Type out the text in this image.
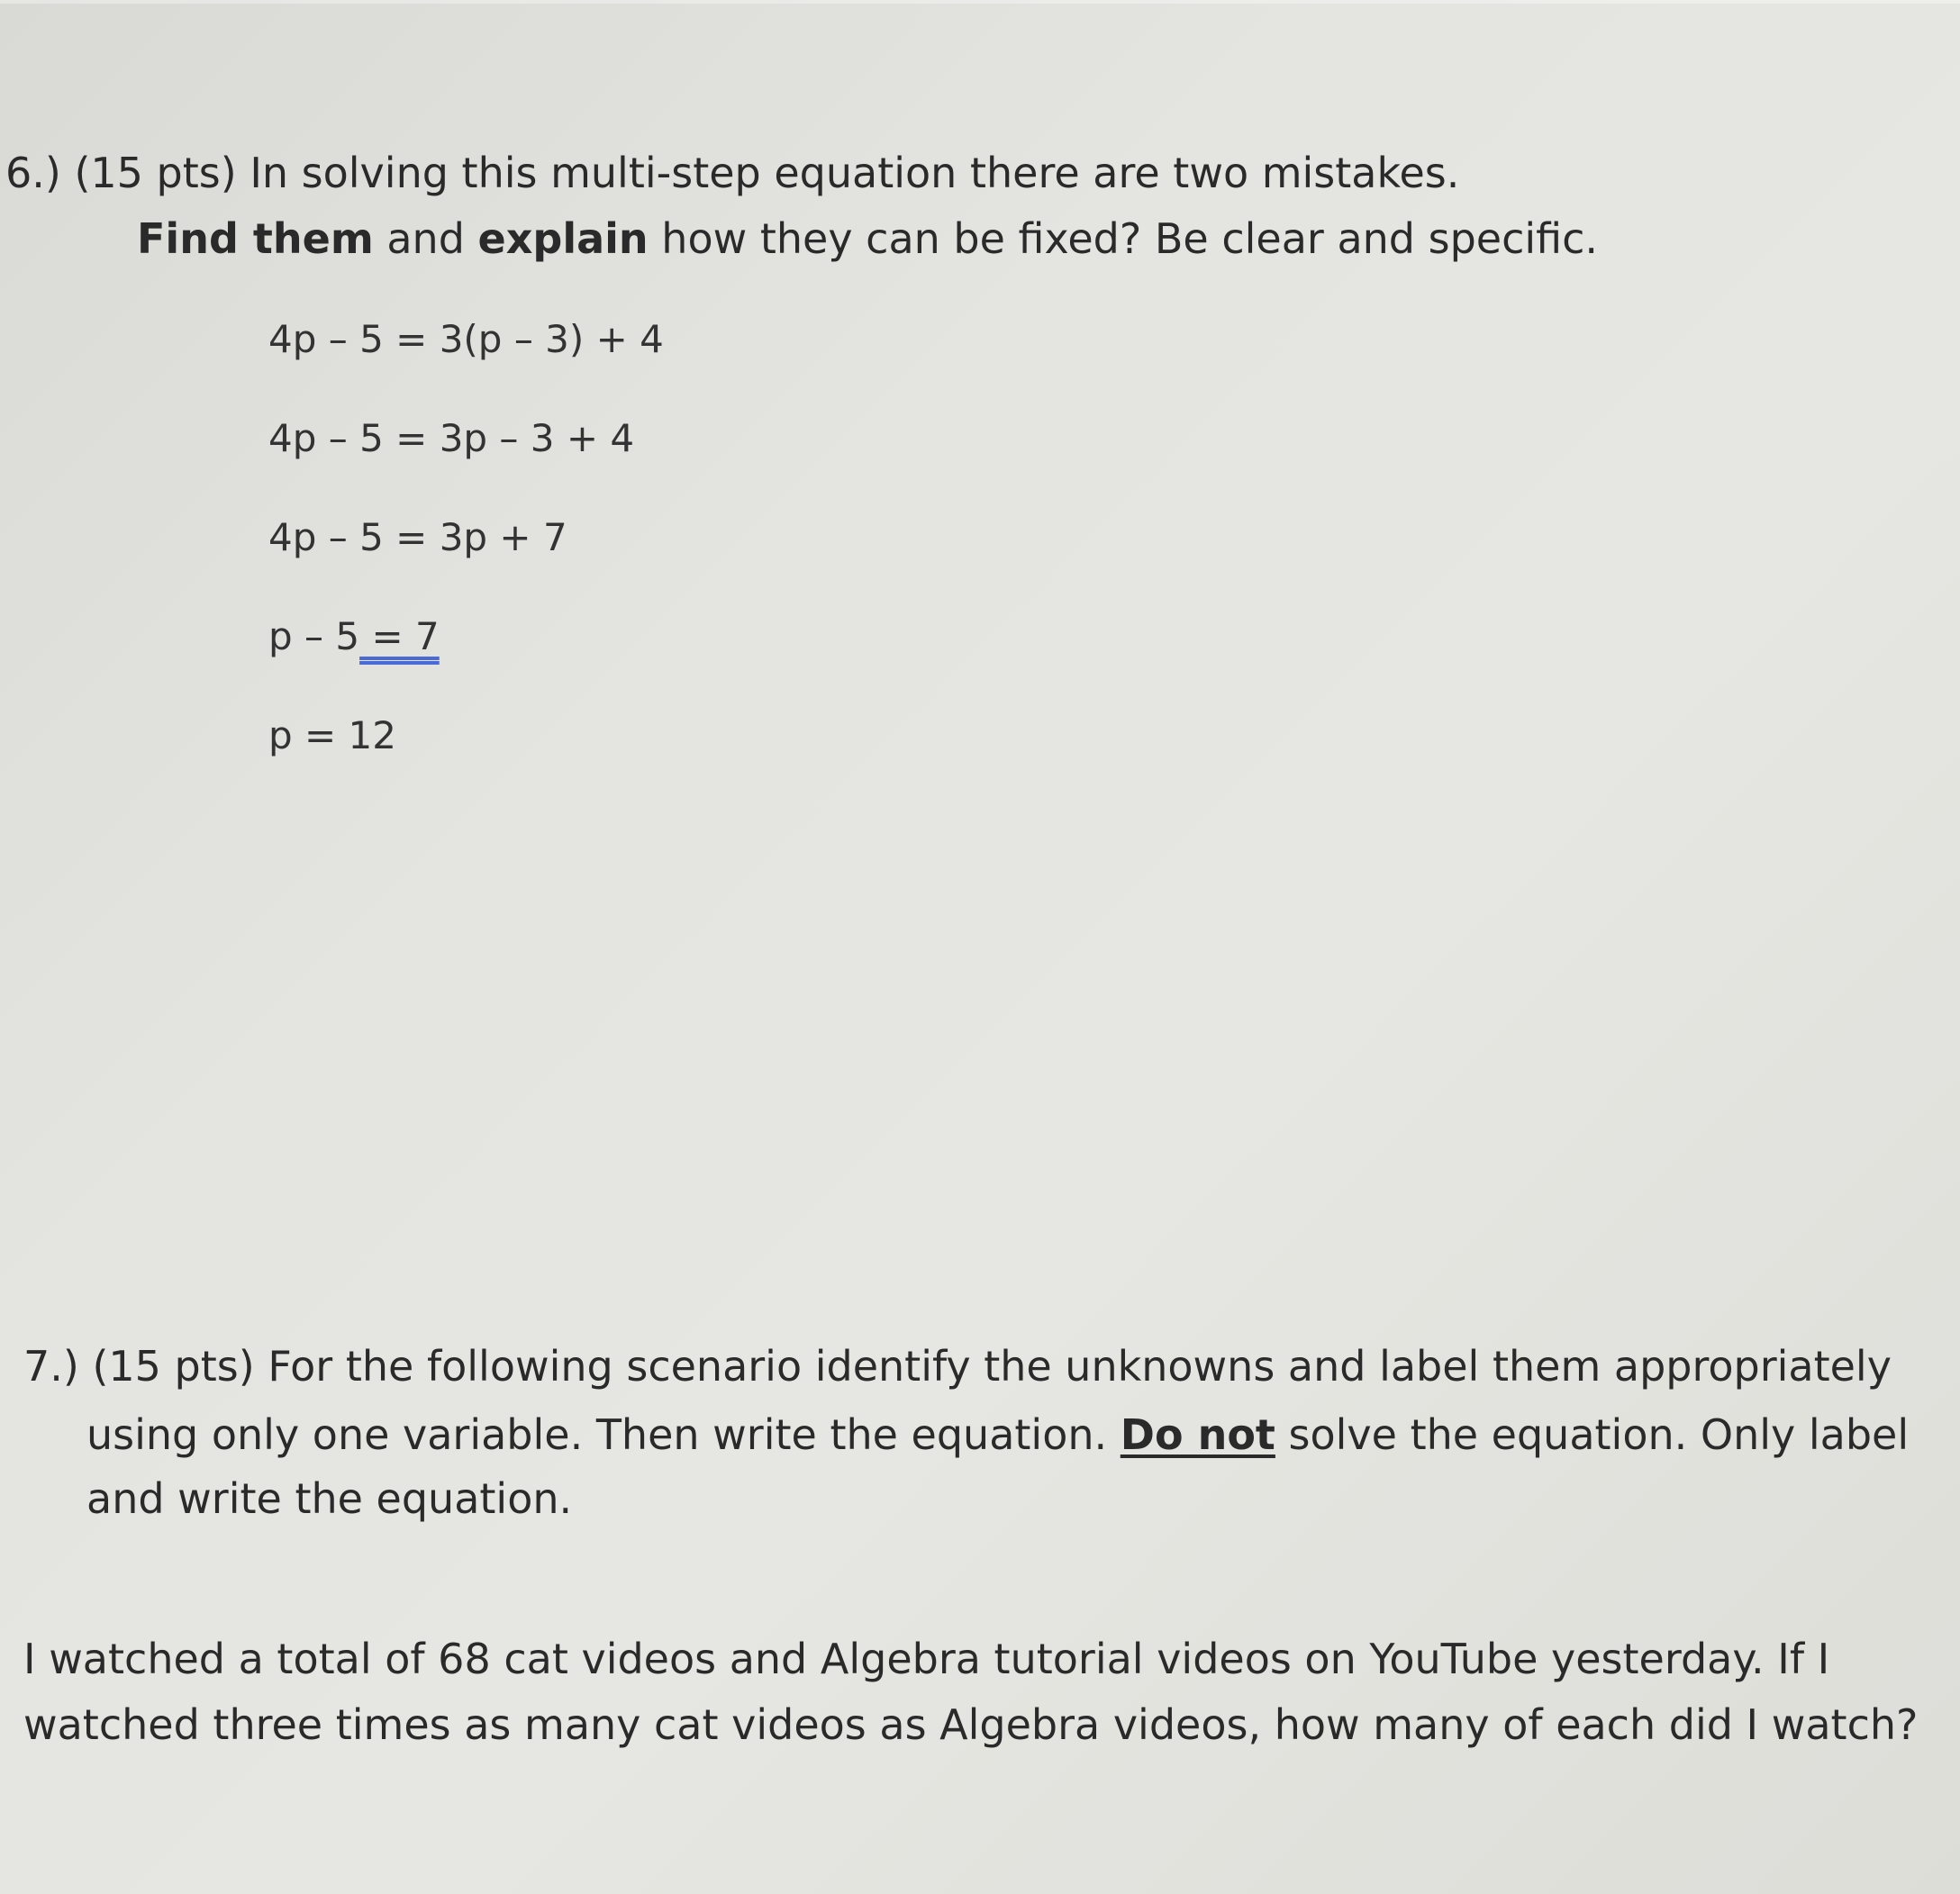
6.) (15 pts) In solving this multi-step equation there are two mistakes.
Find them and explain how they can be fixed? Be clear and specific.
4p – 5 = 3(p – 3) + 4
4p – 5 = 3p – 3 + 4
4p – 5 = 3p + 7
p – 5 = 7
p = 12
7.) (15 pts) For the following scenario identify the unknowns and label them appropriately
using only one variable. Then write the equation. Do not solve the equation. Only label
and write the equation.
I watched a total of 68 cat videos and Algebra tutorial videos on YouTube yesterday. If I
watched three times as many cat videos as Algebra videos, how many of each did I watch?
